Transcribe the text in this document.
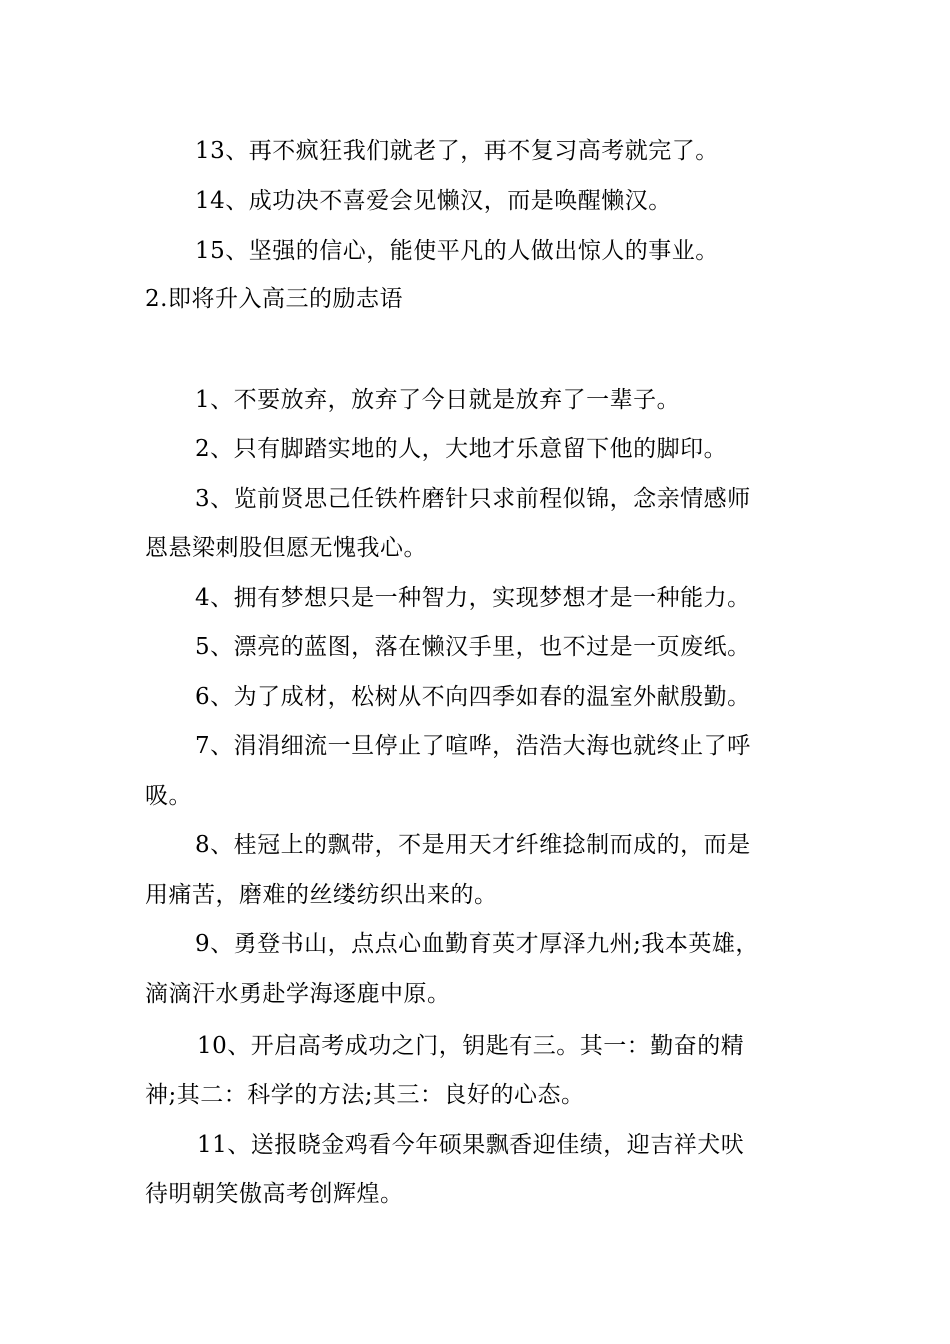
13、再不疯狂我们就老了，再不复习高考就完了。
14、成功决不喜爱会见懒汉，而是唤醒懒汉。
15、坚强的信心，能使平凡的人做出惊人的事业。
2.即将升入高三的励志语
1、不要放弃，放弃了今日就是放弃了一辈子。
2、只有脚踏实地的人，大地才乐意留下他的脚印。
3、览前贤思己任铁杵磨针只求前程似锦，念亲情感师
恩悬梁刺股但愿无愧我心。
4、拥有梦想只是一种智力，实现梦想才是一种能力。
5、漂亮的蓝图，落在懒汉手里，也不过是一页废纸。
6、为了成材，松树从不向四季如春的温室外献殷勤。
7、涓涓细流一旦停止了喧哗，浩浩大海也就终止了呼
吸。
8、桂冠上的飘带，不是用天才纤维捻制而成的，而是
用痛苦，磨难的丝缕纺织出来的。
9、勇登书山，点点心血勤育英才厚泽九州;我本英雄，
滴滴汗水勇赴学海逐鹿中原。
10、开启高考成功之门，钥匙有三。其一：勤奋的精
神;其二：科学的方法;其三：良好的心态。
11、送报晓金鸡看今年硕果飘香迎佳绩，迎吉祥犬吠
待明朝笑傲高考创辉煌。
